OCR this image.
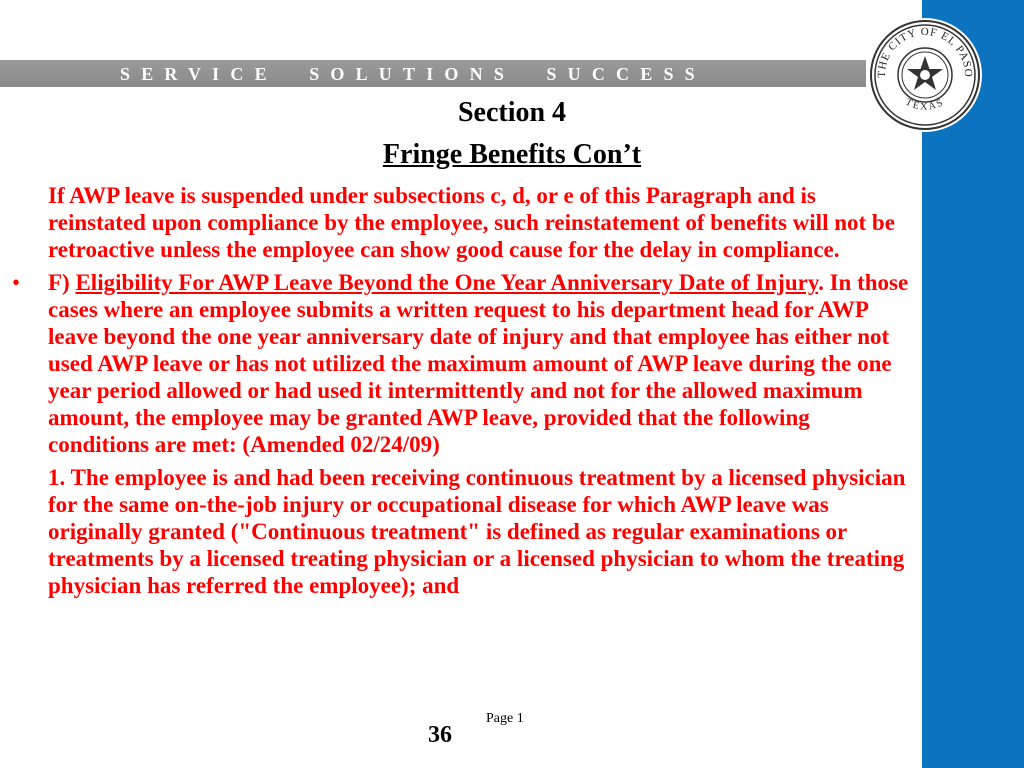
SERVICE  SOLUTIONS  SUCCESS	THE CITY OF EL PASO
TEXAS
Section 4
Fringe Benefits Con’t

If AWP leave is suspended under subsections c, d, or e of this Paragraph and is reinstated upon compliance by the employee, such reinstatement of benefits will not be retroactive unless the employee can show good cause for the delay in compliance.

• F) Eligibility For AWP Leave Beyond the One Year Anniversary Date of Injury. In those cases where an employee submits a written request to his department head for AWP leave beyond the one year anniversary date of injury and that employee has either not used AWP leave or has not utilized the maximum amount of AWP leave during the one year period allowed or had used it intermittently and not for the allowed maximum amount, the employee may be granted AWP leave, provided that the following conditions are met: (Amended 02/24/09)

1. The employee is and had been receiving continuous treatment by a licensed physician for the same on-the-job injury or occupational disease for which AWP leave was originally granted ("Continuous treatment" is defined as regular examinations or treatments by a licensed treating physician or a licensed physician to whom the treating physician has referred the employee); and

Page 1
36
